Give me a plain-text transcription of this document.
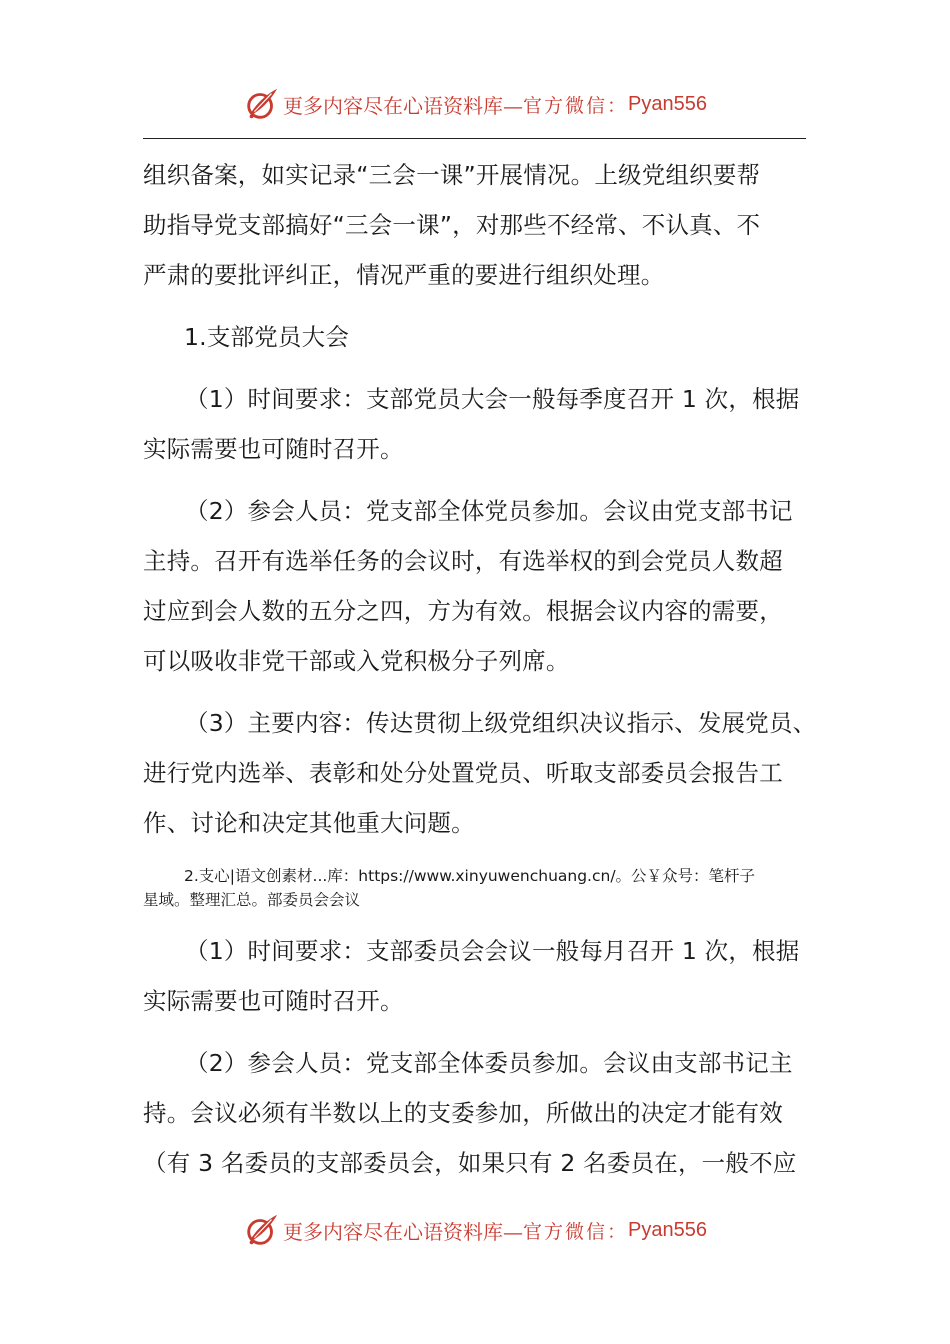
更多内容尽在心语资料库— 官方微信： Pyan556

组织备案，如实记录“三会一课”开展情况。上级党组织要帮

助指导党支部搞好“三会一课”，对那些不经常、不认真、不

严肃的要批评纠正，情况严重的要进行组织处理。

1.支部党员大会

（1）时间要求：支部党员大会一般每季度召开 1 次，根据

实际需要也可随时召开。

（2）参会人员：党支部全体党员参加。会议由党支部书记

主持。召开有选举任务的会议时，有选举权的到会党员人数超

过应到会人数的五分之四，方为有效。根据会议内容的需要，

可以吸收非党干部或入党积极分子列席。

（3）主要内容：传达贯彻上级党组织决议指示、发展党员、

进行党内选举、表彰和处分处置党员、听取支部委员会报告工

作、讨论和决定其他重大问题。

2.支心|语文创素材...库：https://www.xinyuwenchuang.cn/。公￥众号：笔杆子

星域。整理汇总。部委员会会议

（1）时间要求：支部委员会会议一般每月召开 1 次，根据

实际需要也可随时召开。

（2）参会人员：党支部全体委员参加。会议由支部书记主

持。会议必须有半数以上的支委参加，所做出的决定才能有效

（有 3 名委员的支部委员会，如果只有 2 名委员在，一般不应

更多内容尽在心语资料库— 官方微信： Pyan556
